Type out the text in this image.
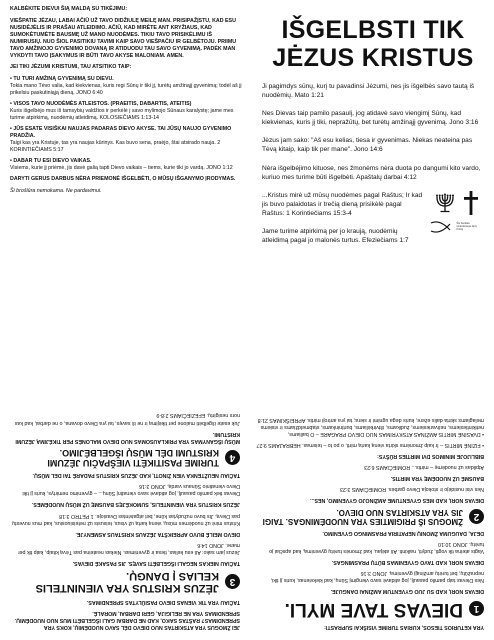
KALBĖKITE DIEVUI ŠIĄ MALDĄ SU TIKĖJIMU:

VIEŠPATIE JĖZAU, LABAI AČIŪ UŽ TAVO DIDŽIULĘ MEILĘ MAN. PRISIPAŽĮSTU, KAD ESU NUSIDĖJĖLIS IR PRAŠAU ATLEIDIMO. AČIŪ, KAD MIRĖTE ANT KRYŽIAUS, KAD SUMOKĖTUMĖTE BAUSMĘ UŽ MANO NUODĖMES. TIKIU TAVO PRISIKĖLIMU IŠ NUMIRUSIŲ. NUO ŠIOL PASITIKIU TAVIMI KAIP SAVO VIEŠPAČIU IR GELBĖTOJU. PRIIMU TAVO AMŽINOJO GYVENIMO DOVANĄ IR ATIDUODU TAU SAVO GYVENIMĄ. PADĖK MAN VYKDYTI TAVO ĮSAKYMUS IR BŪTI TAVO AKYSE MALONIAM. AMEN.

JEI TIKI JĖZUMI KRISTUMI, TAU ATSITIKO TAIP:

• TU TURI AMŽINĄ GYVENIMĄ SU DIEVU.
Tokia mano Tėvo valia, kad kiekvienas, kuris regi Sūnų ir tiki jį, turėtų amžinąjį gyvenimą; todėl aš jį prikelsiu paskutiniąją dieną. JONO 6:40
• VISOS TAVO NUODĖMĖS ATLEISTOS. (PRAEITIS, DABARTIS, ATEITIS)
Kuris išgelbėjo mus iš tamsybių valdžios ir perkėlė į savo mylimojo Sūnaus karalystę; jame mes turime atpirkimą, nuodėmių atleidimą. KOLOSIEČIAMS 1:13-14
• JŪS ESATE VISIŠKAI NAUJAS PADARAS DIEVO AKYSE. TAI JŪSŲ NAUJO GYVENIMO PRADŽIA.
Taigi kas yra Kristuje, tas yra naujas kūrinys. Kas buvo sena, praėjo, štai atsirado nauja. 2 KORINTIEČIAMS 5:17
• DABAR TU ESI DIEVO VAIKAS.
Visiems, kurie jį priėmė, jis davė galią tapti Dievo vaikais – tiems, kurie tiki jo vardą. JONO 1:12

DARYTI GERUS DARBUS NĖRA PRIEMONĖ IŠGELBĖTI, O MŪSŲ IŠGANYMO ĮRODYMAS.

Ši brošiūra nemokama. Ne pardavimui.

IŠGELBSTI TIK
JĖZUS KRISTUS

Ji pagimdys sūnų, kurį tu pavadinsi Jėzumi, nes jis išgelbės savo tautą iš nuodėmių. Mato 1:21

Nes Dievas taip pamilo pasaulį, jog atidavė savo viengimį Sūnų, kad kiekvienas, kuris jį tiki, nepražūtų, bet turėtų amžinąjį gyvenimą. Jono 3:16

Jėzus jam sako: "Aš esu kelias, tiesa ir gyvenimas. Niekas neateina pas Tėvą kitaip, kaip tik per mane". Jono 14:6

Nėra išgelbėjimo kituose, nes žmonėms nėra duota po dangumi kito vardo, kuriuo mes turime būti išgelbėti. Apaštalų darbai 4:12

...Kristus mirė už mūsų nuodėmes pagal Raštus; Ir kad jis buvo palaidotas ir trečią dieną prisikėlė pagal Raštus: 1 Korintiečiams 15:3-4

Jame turime atpirkimą per jo kraują, nuodėmių atleidimą pagal jo malonės turtus. Efeziečiams 1:7

Šis ženklas simbolizuoja Jėzų Kristų

YRA KETURIOS TIESOS, KURIAS TURIME VISIŠKAI SUPRASTI:

1
DIEVAS TAVE MYLI.

DIEVAS NORI, KAD SU JUO GYVENTUM AMŽINAI DANGUJE.

Nes Dievas taip pamilo pasaulį, jog atidavė savo viengimį Sūnų, kad kiekvienas, kuris jį tiki, nepražūtų, bet turėtų amžinąjį gyvenimą. JONO 3:16

DIEVAS NORI, KAD TAVO GYVENIMAS BŪTŲ PRASMINGAS.

Vagis ateina tik vogti, žudyti, naikinti. Aš atėjau, kad žmonės turėtų gyvenimą, kad apsčiai jo turėtų. JONO 10:10

DEJA, DAUGUMA ŽMONIŲ NEPATIRIA PRASMINGO GYVENIMO.

2
ŽMOGUS IŠ PRIGIMTIES YRA NUODĖMINGAS. TAIGI JIS YRA ATSKIRTAS NUO DIEVO.

DIEVAS NORI, KAD MES GYVENTUME AMŽINOJO GYVENIMO, NES...

Nes visi nusidėjo ir stokoja Dievo garbės. ROMIEČIAMS 3:23

BAUSMĖ UŽ NUODĖMĘ YRA MIRTIS.

Atpildas už nuodėmę – mirtis... ROMIEČIAMS 6:23

BIBLIJOJE MINIMOS DVI MIRTIES RŪŠYS:

• FIZINĖ MIRTIS – Ir kaip žmonėms skirta vieną kartą mirti, o po to – teismas. HEBRAJAMS 9:27

• DVASINĖ MIRTIS AMŽINAS ATSKYRIMAS NUO DIEVO PRAGARE – O bailiams, netikintiesiems, nešvariesiems, žudikams, ištvirkėliams, burtininkams, stabmeldžiams ir visiems melagiams skirta dalis ežere, kuris dega ugnimi ir siera; tai yra antroji mirtis. APREIŠKIMAS 21:8

JEI ŽMOGUS YRA ATSKIRTAS NUO DIEVO DĖL SAVO NUODĖMIŲ, KOKS YRA SPRENDIMAS? RAŠTAS SAKO, KAD NE DARBAI GALI IŠGELBĖTI MUS NUO NUODĖMIŲ. SPRENDIMAS YRA NE RELIGIJA, GERI DARBAI, MORALĖ.

TAČIAU YRA TIK VIENAS DIEVO PASIŪLYTAS SPRENDIMAS.

3
JĖZUS KRISTUS YRA VIENINTELIS KELIAS Į DANGŲ.

TAČIAU NIEKAS NEGALI IŠGELBĖTI SAVĘS. JIS PASAKĖ DIEVAS.

Jėzus jam sako: Aš esu kelias, tiesa ir gyvenimas. Niekas neateina pas Tėvą kitaip, kaip tik per mane. JONO 14:6

DIEVO MEILĖ BUVO APREIKŠTA JĖZAUS KRISTAUS ASMENYJE.

Kristus mirė už nuodėmes mūsų, vieną kartą už visus, teisusis už neteisiuosius, kad mus nuvestų pas Dievą. Jis buvo nužudytas kūne, bet atgaivintas Dvasioje. 1 PETRO 3:18

JĖZUS KRISTUS YRA VIENINTELIS, SUMOKĖJĘS BAUSMĘ UŽ MŪSŲ NUODĖMES.

Dievas tiek pamilo pasaulį, jog atidavė savo vienatinį Sūnų... – gyvenimo nemirtys, kuris jį tiki Dievo vienatinio Sūnaus vardą. JONO 3:16

TAČIAU NEUŽTENKA VIEN ŽINOTI, KAD JĖZUS KRISTUS PADARĖ TAI DEL MŪSŲ.

4
TURIME PASITIKĖTI VIEŠPAČIU JĖZUMI KRISTUMI DĖL MŪSŲ IŠGELBĖJIMO.

MŪSŲ IŠGANYMAS YRA PRIKLAUSOMAS NUO DIEVO MALONĖS PER TIKĖJIMĄ JĖZUMI KRISTUMI.

Juk esate išgelbėti malone per tikėjimą ir ne iš savęs, tai yra Dievo dovana, o ne darbai, kad kas nors nesigirtų. EFEZIEČIAMS 2:8-9
